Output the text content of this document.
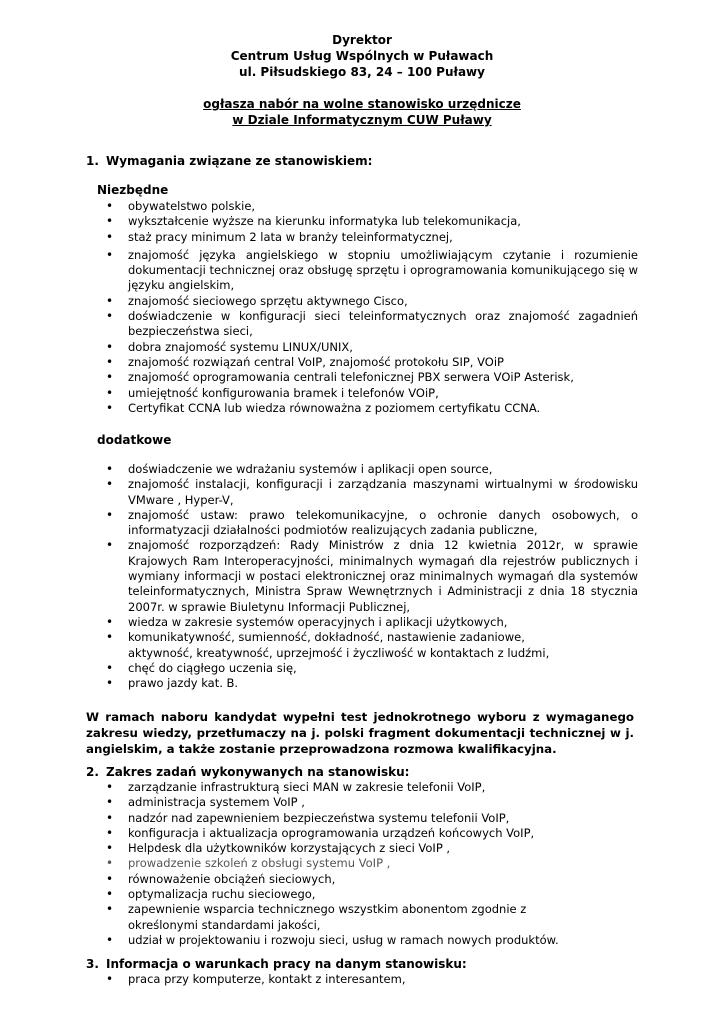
Dyrektor
Centrum Usług Wspólnych w Puławach
ul. Piłsudskiego 83, 24 – 100 Puławy
ogłasza nabór na wolne stanowisko urzędnicze
w Dziale Informatycznym CUW Puławy
1. Wymagania związane ze stanowiskiem:
Niezbędne
• obywatelstwo polskie,
• wykształcenie wyższe na kierunku informatyka lub telekomunikacja,
• staż pracy minimum 2 lata w branży teleinformatycznej,
• znajomość języka angielskiego w stopniu umożliwiającym czytanie i rozumienie dokumentacji technicznej oraz obsługę sprzętu i oprogramowania komunikującego się w języku angielskim,
• znajomość sieciowego sprzętu aktywnego Cisco,
• doświadczenie w konfiguracji sieci teleinformatycznych oraz znajomość zagadnień bezpieczeństwa sieci,
• dobra znajomość systemu LINUX/UNIX,
• znajomość rozwiązań central VoIP, znajomość protokołu SIP, VOiP
• znajomość oprogramowania centrali telefonicznej PBX serwera VOiP Asterisk,
• umiejętność konfigurowania bramek i telefonów VOiP,
• Certyfikat CCNA lub wiedza równoważna z poziomem certyfikatu CCNA.
dodatkowe
• doświadczenie we wdrażaniu systemów i aplikacji open source,
• znajomość instalacji, konfiguracji i zarządzania maszynami wirtualnymi w środowisku VMware , Hyper-V,
• znajomość ustaw: prawo telekomunikacyjne, o ochronie danych osobowych, o informatyzacji działalności podmiotów realizujących zadania publiczne,
• znajomość rozporządzeń: Rady Ministrów z dnia 12 kwietnia 2012r, w sprawie Krajowych Ram Interoperacyjności, minimalnych wymagań dla rejestrów publicznych i wymiany informacji w postaci elektronicznej oraz minimalnych wymagań dla systemów teleinformatycznych, Ministra Spraw Wewnętrznych i Administracji z dnia 18 stycznia 2007r. w sprawie Biuletynu Informacji Publicznej,
• wiedza w zakresie systemów operacyjnych i aplikacji użytkowych,
• komunikatywność, sumienność, dokładność, nastawienie zadaniowe, aktywność, kreatywność, uprzejmość i życzliwość w kontaktach z ludźmi,
• chęć do ciągłego uczenia się,
• prawo jazdy kat. B.
W ramach naboru kandydat wypełni test jednokrotnego wyboru z wymaganego zakresu wiedzy, przetłumaczy na j. polski fragment dokumentacji technicznej w j. angielskim, a także zostanie przeprowadzona rozmowa kwalifikacyjna.
2. Zakres zadań wykonywanych na stanowisku:
• zarządzanie infrastrukturą sieci MAN w zakresie telefonii VoIP,
• administracja systemem VoIP ,
• nadzór nad zapewnieniem bezpieczeństwa systemu telefonii VoIP,
• konfiguracja i aktualizacja oprogramowania urządzeń końcowych VoIP,
• Helpdesk dla użytkowników korzystających z sieci VoIP ,
• prowadzenie szkoleń z obsługi systemu VoIP ,
• równoważenie obciążeń sieciowych,
• optymalizacja ruchu sieciowego,
• zapewnienie wsparcia technicznego wszystkim abonentom zgodnie z określonymi standardami jakości,
• udział w projektowaniu i rozwoju sieci, usług w ramach nowych produktów.
3. Informacja o warunkach pracy na danym stanowisku:
• praca przy komputerze, kontakt z interesantem,
